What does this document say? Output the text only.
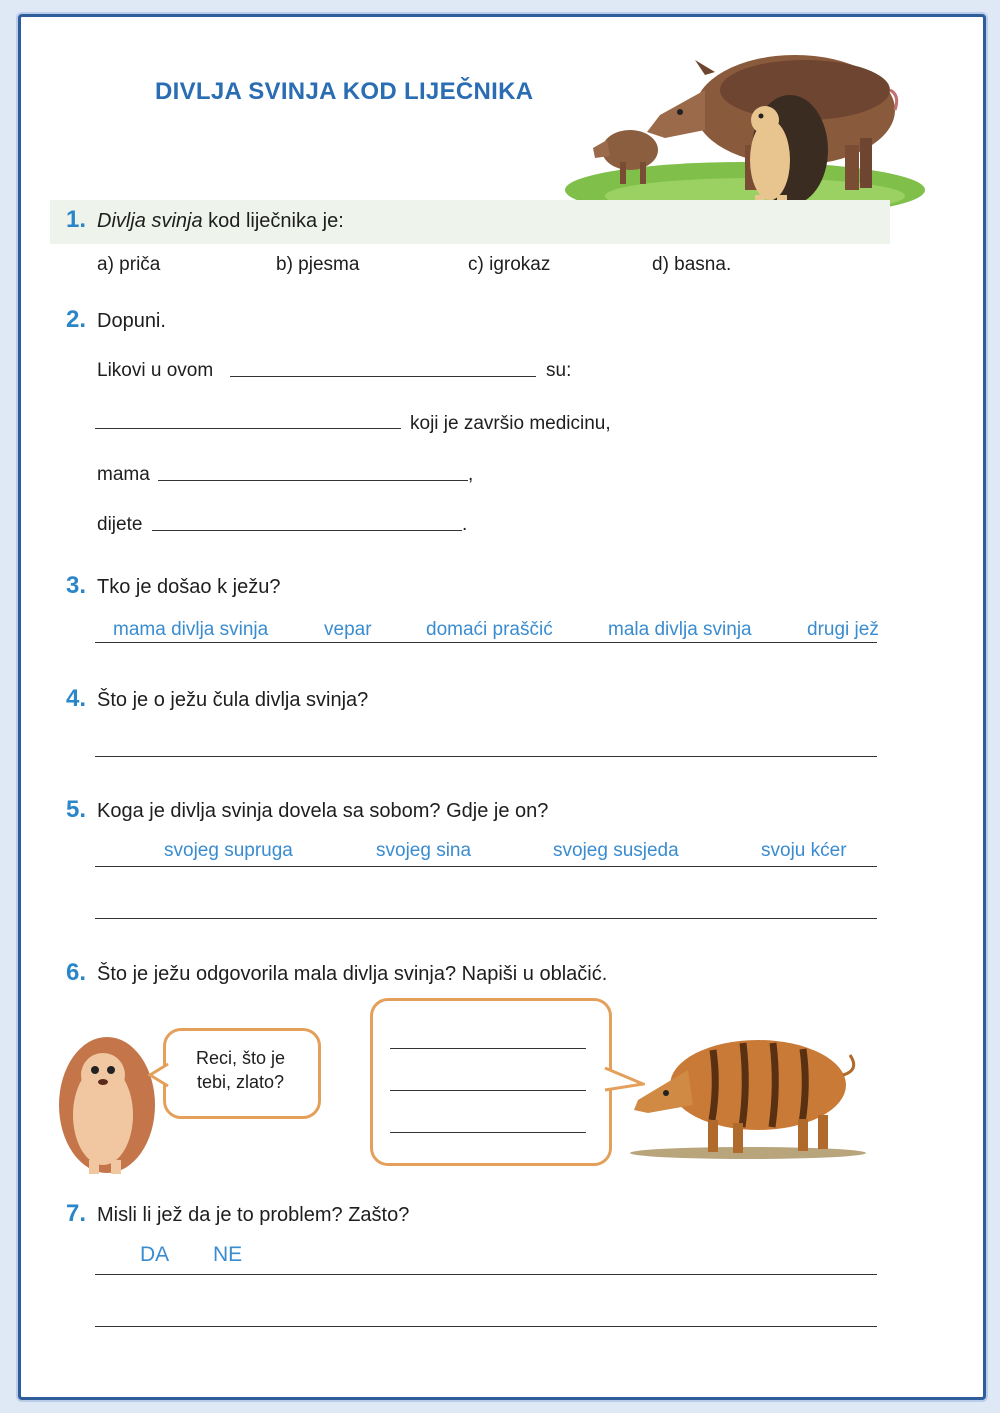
DIVLJA SVINJA KOD LIJEČNIKA
1. Divlja svinja kod liječnika je:
a) priča	b) pjesma	c) igrokaz	d) basna.
2. Dopuni.
Likovi u ovom	su:
koji je završio medicinu,
mama	,
dijete	.
3. Tko je došao k ježu?
mama divlja svinja	vepar	domaći praščić	mala divlja svinja	drugi jež
4. Što je o ježu čula divlja svinja?
5. Koga je divlja svinja dovela sa sobom? Gdje je on?
svojeg supruga	svojeg sina	svojeg susjeda	svoju kćer
6. Što je ježu odgovorila mala divlja svinja? Napiši u oblačić.
Reci, što je
tebi, zlato?
7. Misli li jež da je to problem? Zašto?
DA NE
